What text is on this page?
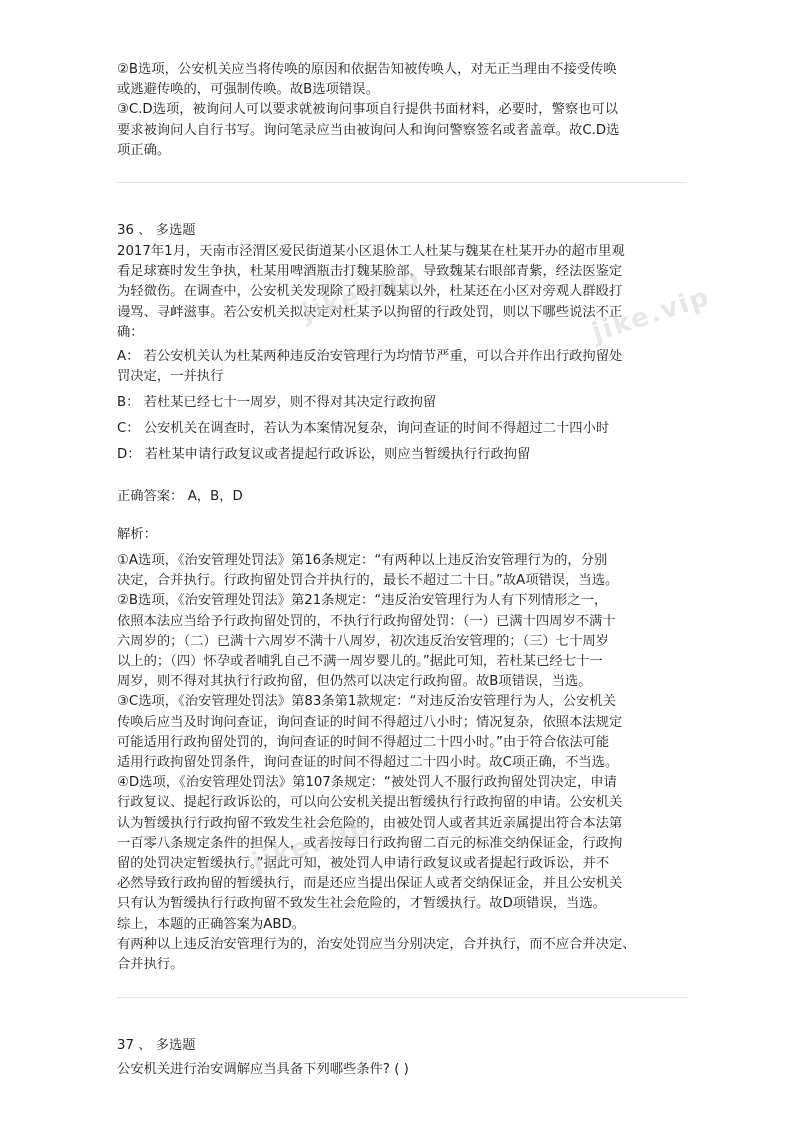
②B选项，公安机关应当将传唤的原因和依据告知被传唤人，对无正当理由不接受传唤

或逃避传唤的，可强制传唤。故B选项错误。

③C.D选项，被询问人可以要求就被询问事项自行提供书面材料，必要时，警察也可以

要求被询问人自行书写。询问笔录应当由被询问人和询问警察签名或者盖章。故C.D选

项正确。

36 、 多选题

2017年1月，天南市泾渭区爱民街道某小区退休工人杜某与魏某在杜某开办的超市里观

看足球赛时发生争执，杜某用啤酒瓶击打魏某脸部，导致魏某右眼部青紫，经法医鉴定

为轻微伤。在调查中，公安机关发现除了殴打魏某以外，杜某还在小区对旁观人群殴打

谩骂、寻衅滋事。若公安机关拟决定对杜某予以拘留的行政处罚，则以下哪些说法不正

确：

A： 若公安机关认为杜某两种违反治安管理行为均情节严重，可以合并作出行政拘留处

罚决定，一并执行

B： 若杜某已经七十一周岁，则不得对其决定行政拘留

C： 公安机关在调查时，若认为本案情况复杂，询问查证的时间不得超过二十四小时

D： 若杜某申请行政复议或者提起行政诉讼，则应当暂缓执行行政拘留

正确答案： A，B，D

解析：

①A选项，《治安管理处罚法》第16条规定：“有两种以上违反治安管理行为的，分别

决定，合并执行。行政拘留处罚合并执行的，最长不超过二十日。”故A项错误，当选。

②B选项，《治安管理处罚法》第21条规定：“违反治安管理行为人有下列情形之一，

依照本法应当给予行政拘留处罚的，不执行行政拘留处罚：（一）已满十四周岁不满十

六周岁的；（二）已满十六周岁不满十八周岁，初次违反治安管理的；（三）七十周岁

以上的；（四）怀孕或者哺乳自己不满一周岁婴儿的。”据此可知，若杜某已经七十一

周岁，则不得对其执行行政拘留，但仍然可以决定行政拘留。故B项错误，当选。

③C选项，《治安管理处罚法》第83条第1款规定：“对违反治安管理行为人，公安机关

传唤后应当及时询问查证，询问查证的时间不得超过八小时；情况复杂，依照本法规定

可能适用行政拘留处罚的，询问查证的时间不得超过二十四小时。”由于符合依法可能

适用行政拘留处罚条件，询问查证的时间不得超过二十四小时。故C项正确，不当选。

④D选项，《治安管理处罚法》第107条规定：“被处罚人不服行政拘留处罚决定，申请

行政复议、提起行政诉讼的，可以向公安机关提出暂缓执行行政拘留的申请。公安机关

认为暂缓执行行政拘留不致发生社会危险的，由被处罚人或者其近亲属提出符合本法第

一百零八条规定条件的担保人，或者按每日行政拘留二百元的标准交纳保证金，行政拘

留的处罚决定暂缓执行。”据此可知，被处罚人申请行政复议或者提起行政诉讼，并不

必然导致行政拘留的暂缓执行，而是还应当提出保证人或者交纳保证金，并且公安机关

只有认为暂缓执行行政拘留不致发生社会危险的，才暂缓执行。故D项错误，当选。

综上，本题的正确答案为ABD。

有两种以上违反治安管理行为的，治安处罚应当分别决定，合并执行，而不应合并决定、

合并执行。

37 、 多选题

公安机关进行治安调解应当具备下列哪些条件? ( )

jike.vip	jike.vip
jike.vip
